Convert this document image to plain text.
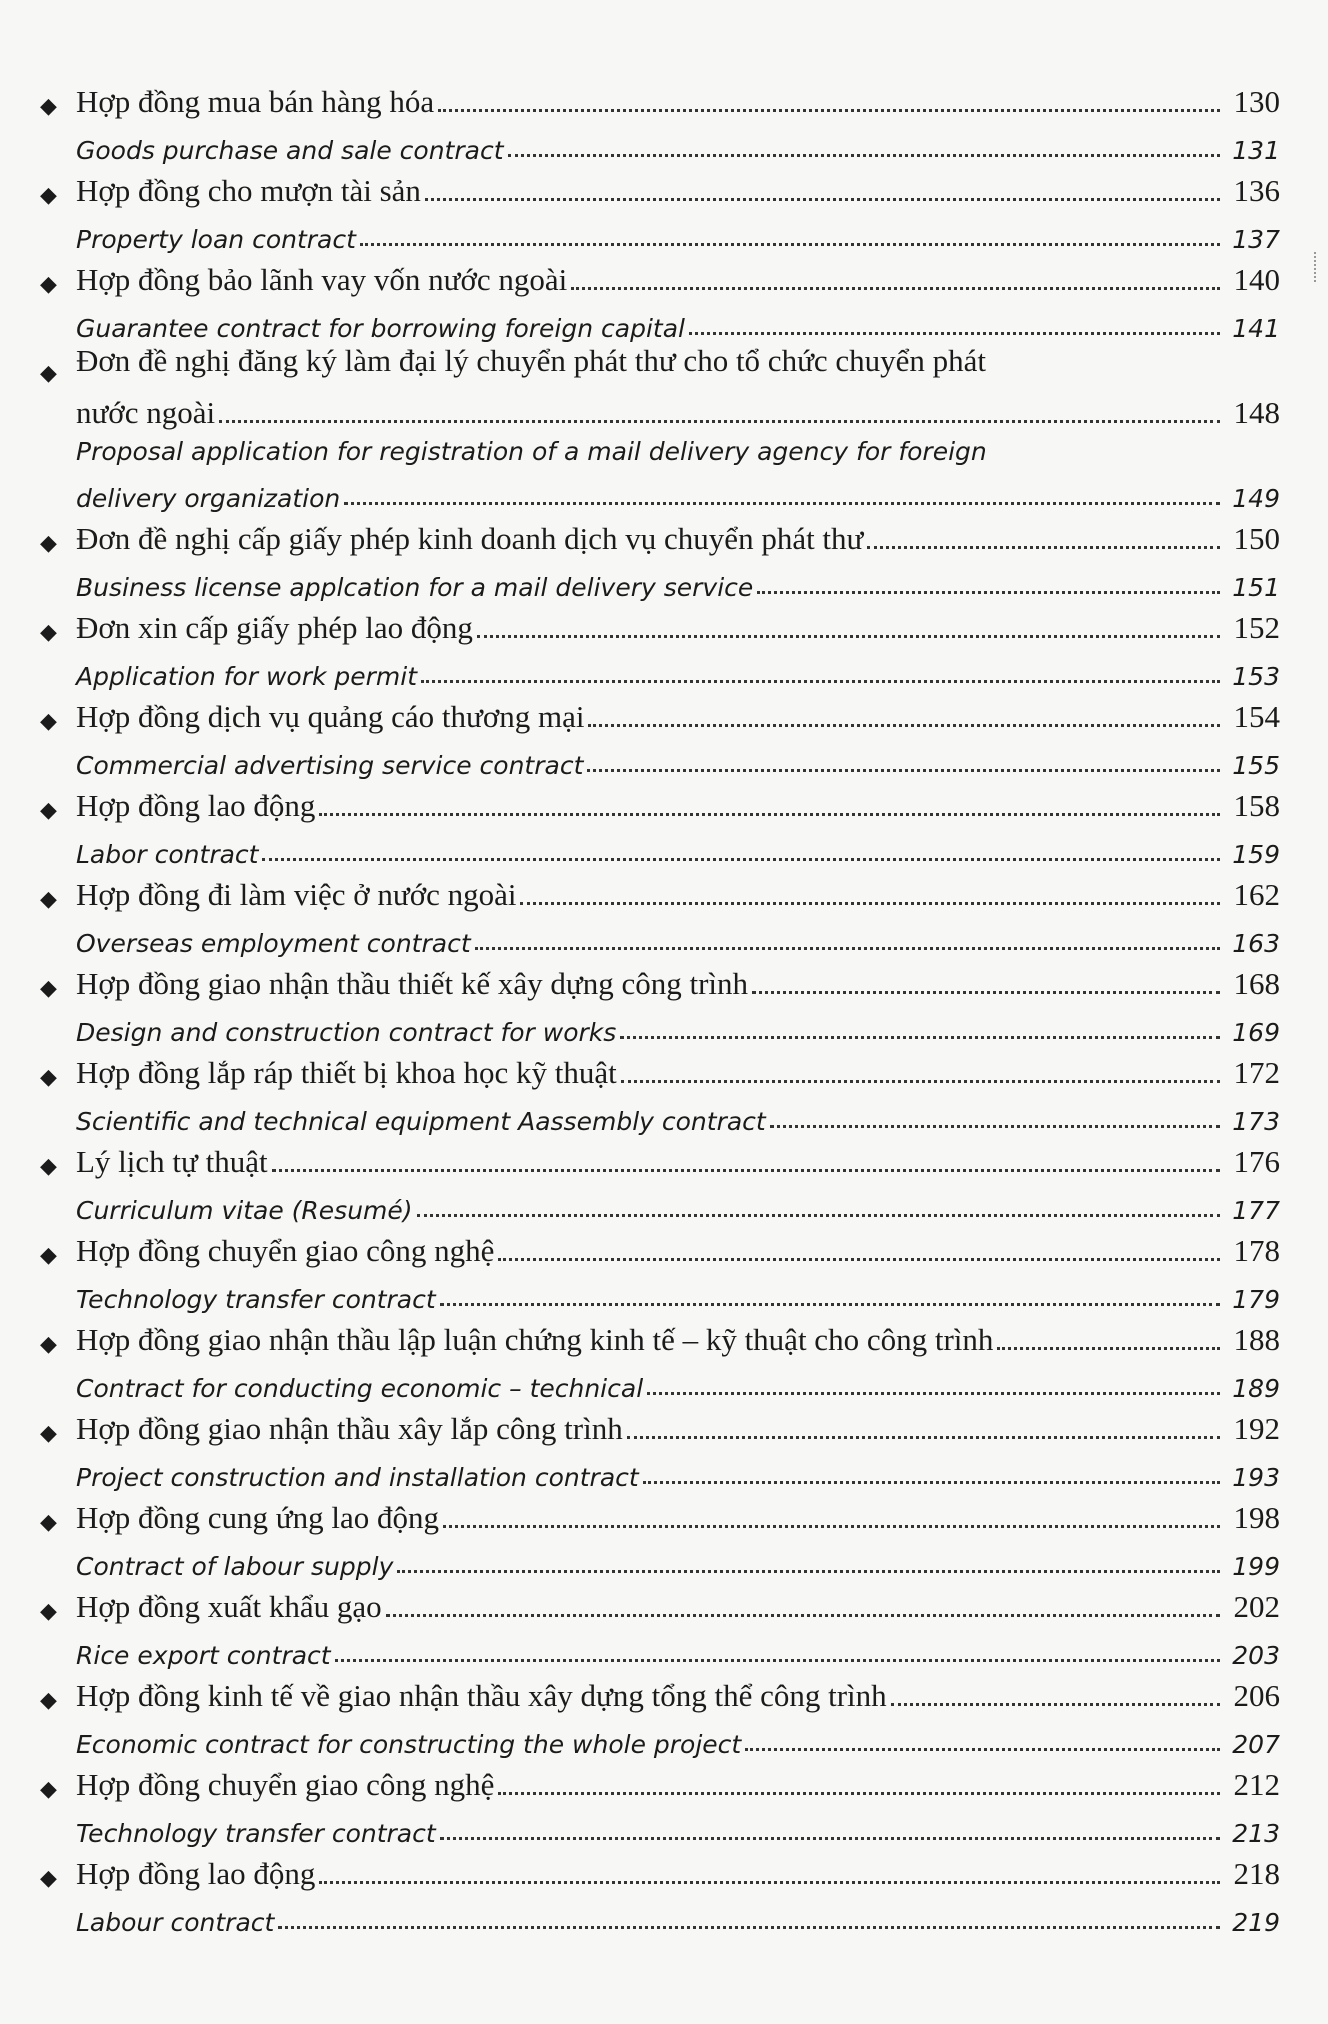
◆
Hợp đồng mua bán hàng hóa	130
Goods purchase and sale contract	131
◆
Hợp đồng cho mượn tài sản	136
Property loan contract	137
◆
Hợp đồng bảo lãnh vay vốn nước ngoài	140
Guarantee contract for borrowing foreign capital	141
◆
Đơn đề nghị đăng ký làm đại lý chuyển phát thư cho tổ chức chuyển phát
nước ngoài	148
Proposal application for registration of a mail delivery agency for foreign
delivery organization	149
◆
Đơn đề nghị cấp giấy phép kinh doanh dịch vụ chuyển phát thư	150
Business license applcation for a mail delivery service	151
◆
Đơn xin cấp giấy phép lao động	152
Application for work permit	153
◆
Hợp đồng dịch vụ quảng cáo thương mại	154
Commercial advertising service contract	155
◆
Hợp đồng lao động	158
Labor contract	159
◆
Hợp đồng đi làm việc ở nước ngoài	162
Overseas employment contract	163
◆
Hợp đồng giao nhận thầu thiết kế xây dựng công trình	168
Design and construction contract for works	169
◆
Hợp đồng lắp ráp thiết bị khoa học kỹ thuật	172
Scientific and technical equipment Aassembly contract	173
◆
Lý lịch tự thuật	176
Curriculum vitae (Resumé)	177
◆
Hợp đồng chuyển giao công nghệ	178
Technology transfer contract	179
◆
Hợp đồng giao nhận thầu lập luận chứng kinh tế – kỹ thuật cho công trình	188
Contract for conducting economic – technical	189
◆
Hợp đồng giao nhận thầu xây lắp công trình	192
Project construction and installation contract	193
◆
Hợp đồng cung ứng lao động	198
Contract of labour supply	199
◆
Hợp đồng xuất khẩu gạo	202
Rice export contract	203
◆
Hợp đồng kinh tế về giao nhận thầu xây dựng tổng thể công trình	206
Economic contract for constructing the whole project	207
◆
Hợp đồng chuyển giao công nghệ	212
Technology transfer contract	213
◆
Hợp đồng lao động	218
Labour contract	219
